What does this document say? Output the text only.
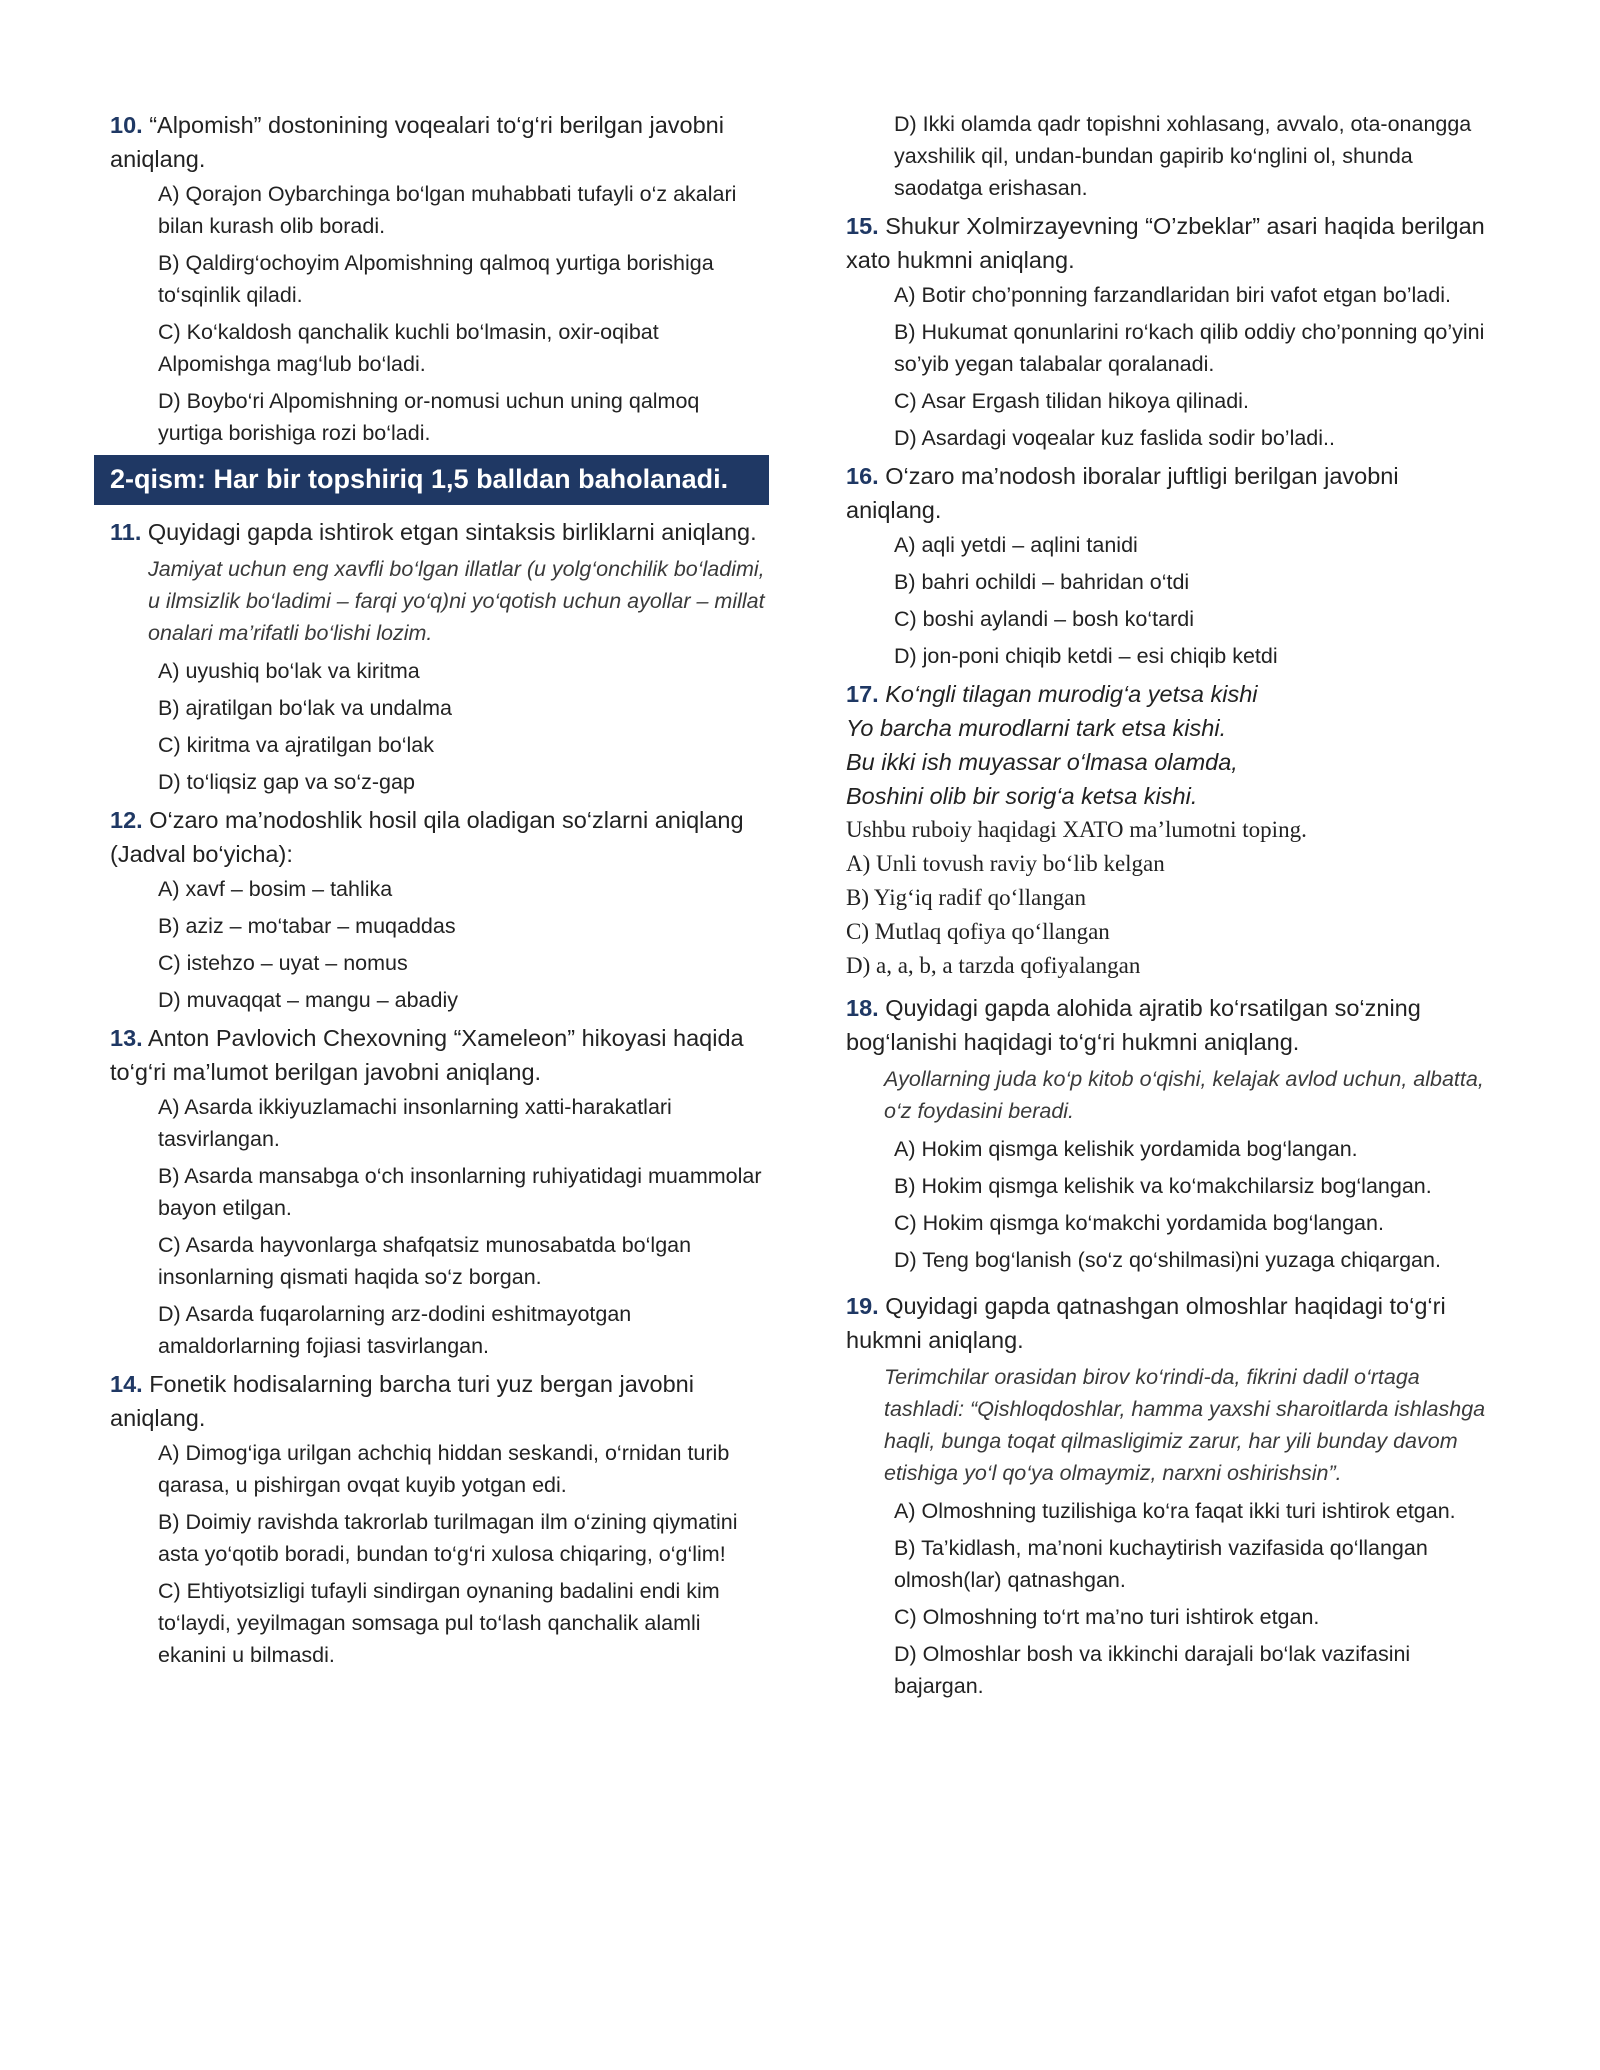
10. “Alpomish” dostonining voqealari to‘g‘ri berilgan javobni aniqlang.

A) Qorajon Oybarchinga bo‘lgan muhabbati tufayli o‘z akalari bilan kurash olib boradi.

B) Qaldirg‘ochoyim Alpomishning qalmoq yurtiga borishiga to‘sqinlik qiladi.

C) Ko‘kaldosh qanchalik kuchli bo‘lmasin, oxir-oqibat Alpomishga mag‘lub bo‘ladi.

D) Boybo‘ri Alpomishning or-nomusi uchun uning qalmoq yurtiga borishiga rozi bo‘ladi.

2-qism: Har bir topshiriq 1,5 balldan baholanadi.

11. Quyidagi gapda ishtirok etgan sintaksis birliklarni aniqlang.

Jamiyat uchun eng xavfli bo‘lgan illatlar (u yolg‘onchilik bo‘ladimi, u ilmsizlik bo‘ladimi – farqi yo‘q)ni yo‘qotish uchun ayollar – millat onalari ma’rifatli bo‘lishi lozim.

A) uyushiq bo‘lak va kiritma

B) ajratilgan bo‘lak va undalma

C) kiritma va ajratilgan bo‘lak

D) to‘liqsiz gap va so‘z-gap

12. O‘zaro ma’nodoshlik hosil qila oladigan so‘zlarni aniqlang (Jadval bo‘yicha):

A) xavf – bosim – tahlika

B) aziz – mo‘tabar – muqaddas

C) istehzo – uyat – nomus

D) muvaqqat – mangu – abadiy

13. Anton Pavlovich Chexovning “Xameleon” hikoyasi haqida to‘g‘ri ma’lumot berilgan javobni aniqlang.

A) Asarda ikkiyuzlamachi insonlarning xatti-harakatlari tasvirlangan.

B) Asarda mansabga o‘ch insonlarning ruhiyatidagi muammolar bayon etilgan.

C) Asarda hayvonlarga shafqatsiz munosabatda bo‘lgan insonlarning qismati haqida so‘z borgan.

D) Asarda fuqarolarning arz-dodini eshitmayotgan amaldorlarning fojiasi tasvirlangan.

14. Fonetik hodisalarning barcha turi yuz bergan javobni aniqlang.

A) Dimog‘iga urilgan achchiq hiddan seskandi, o‘rnidan turib qarasa, u pishirgan ovqat kuyib yotgan edi.

B) Doimiy ravishda takrorlab turilmagan ilm o‘zining qiymatini asta yo‘qotib boradi, bundan to‘g‘ri xulosa chiqaring, o‘g‘lim!

C) Ehtiyotsizligi tufayli sindirgan oynaning badalini endi kim to‘laydi, yeyilmagan somsaga pul to‘lash qanchalik alamli ekanini u bilmasdi.

D) Ikki olamda qadr topishni xohlasang, avvalo, ota-onangga yaxshilik qil, undan-bundan gapirib ko‘nglini ol, shunda saodatga erishasan.

15. Shukur Xolmirzayevning “O’zbeklar” asari haqida berilgan xato hukmni aniqlang.

A) Botir cho’ponning farzandlaridan biri vafot etgan bo’ladi.

B) Hukumat qonunlarini ro‘kach qilib oddiy cho’ponning qo’yini so’yib yegan talabalar qoralanadi.

C) Asar Ergash tilidan hikoya qilinadi.

D) Asardagi voqealar kuz faslida sodir bo’ladi..

16. O‘zaro ma’nodosh iboralar juftligi berilgan javobni aniqlang.

A) aqli yetdi – aqlini tanidi

B) bahri ochildi – bahridan o‘tdi

C) boshi aylandi – bosh ko‘tardi

D) jon-poni chiqib ketdi – esi chiqib ketdi

17. Ko‘ngli tilagan murodig‘a yetsa kishi

Yo barcha murodlarni tark etsa kishi.

Bu ikki ish muyassar o‘lmasa olamda,

Boshini olib bir sorig‘a ketsa kishi.

Ushbu ruboiy haqidagi XATO ma’lumotni toping.

A) Unli tovush raviy bo‘lib kelgan

B) Yig‘iq radif qo‘llangan

C) Mutlaq qofiya qo‘llangan

D) a, a, b, a tarzda qofiyalangan

18. Quyidagi gapda alohida ajratib ko‘rsatilgan so‘zning bog‘lanishi haqidagi to‘g‘ri hukmni aniqlang.

Ayollarning juda ko‘p kitob o‘qishi, kelajak avlod uchun, albatta, o‘z foydasini beradi.

A) Hokim qismga kelishik yordamida bog‘langan.

B) Hokim qismga kelishik va ko‘makchilarsiz bog‘langan.

C) Hokim qismga ko‘makchi yordamida bog‘langan.

D) Teng bog‘lanish (so‘z qo‘shilmasi)ni yuzaga chiqargan.

19. Quyidagi gapda qatnashgan olmoshlar haqidagi to‘g‘ri hukmni aniqlang.

Terimchilar orasidan birov ko‘rindi-da, fikrini dadil o‘rtaga tashladi: “Qishloqdoshlar, hamma yaxshi sharoitlarda ishlashga haqli, bunga toqat qilmasligimiz zarur, har yili bunday davom etishiga yo‘l qo‘ya olmaymiz, narxni oshirishsin”.

A) Olmoshning tuzilishiga ko‘ra faqat ikki turi ishtirok etgan.

B) Ta’kidlash, ma’noni kuchaytirish vazifasida qo‘llangan olmosh(lar) qatnashgan.

C) Olmoshning to‘rt ma’no turi ishtirok etgan.

D) Olmoshlar bosh va ikkinchi darajali bo‘lak vazifasini bajargan.
